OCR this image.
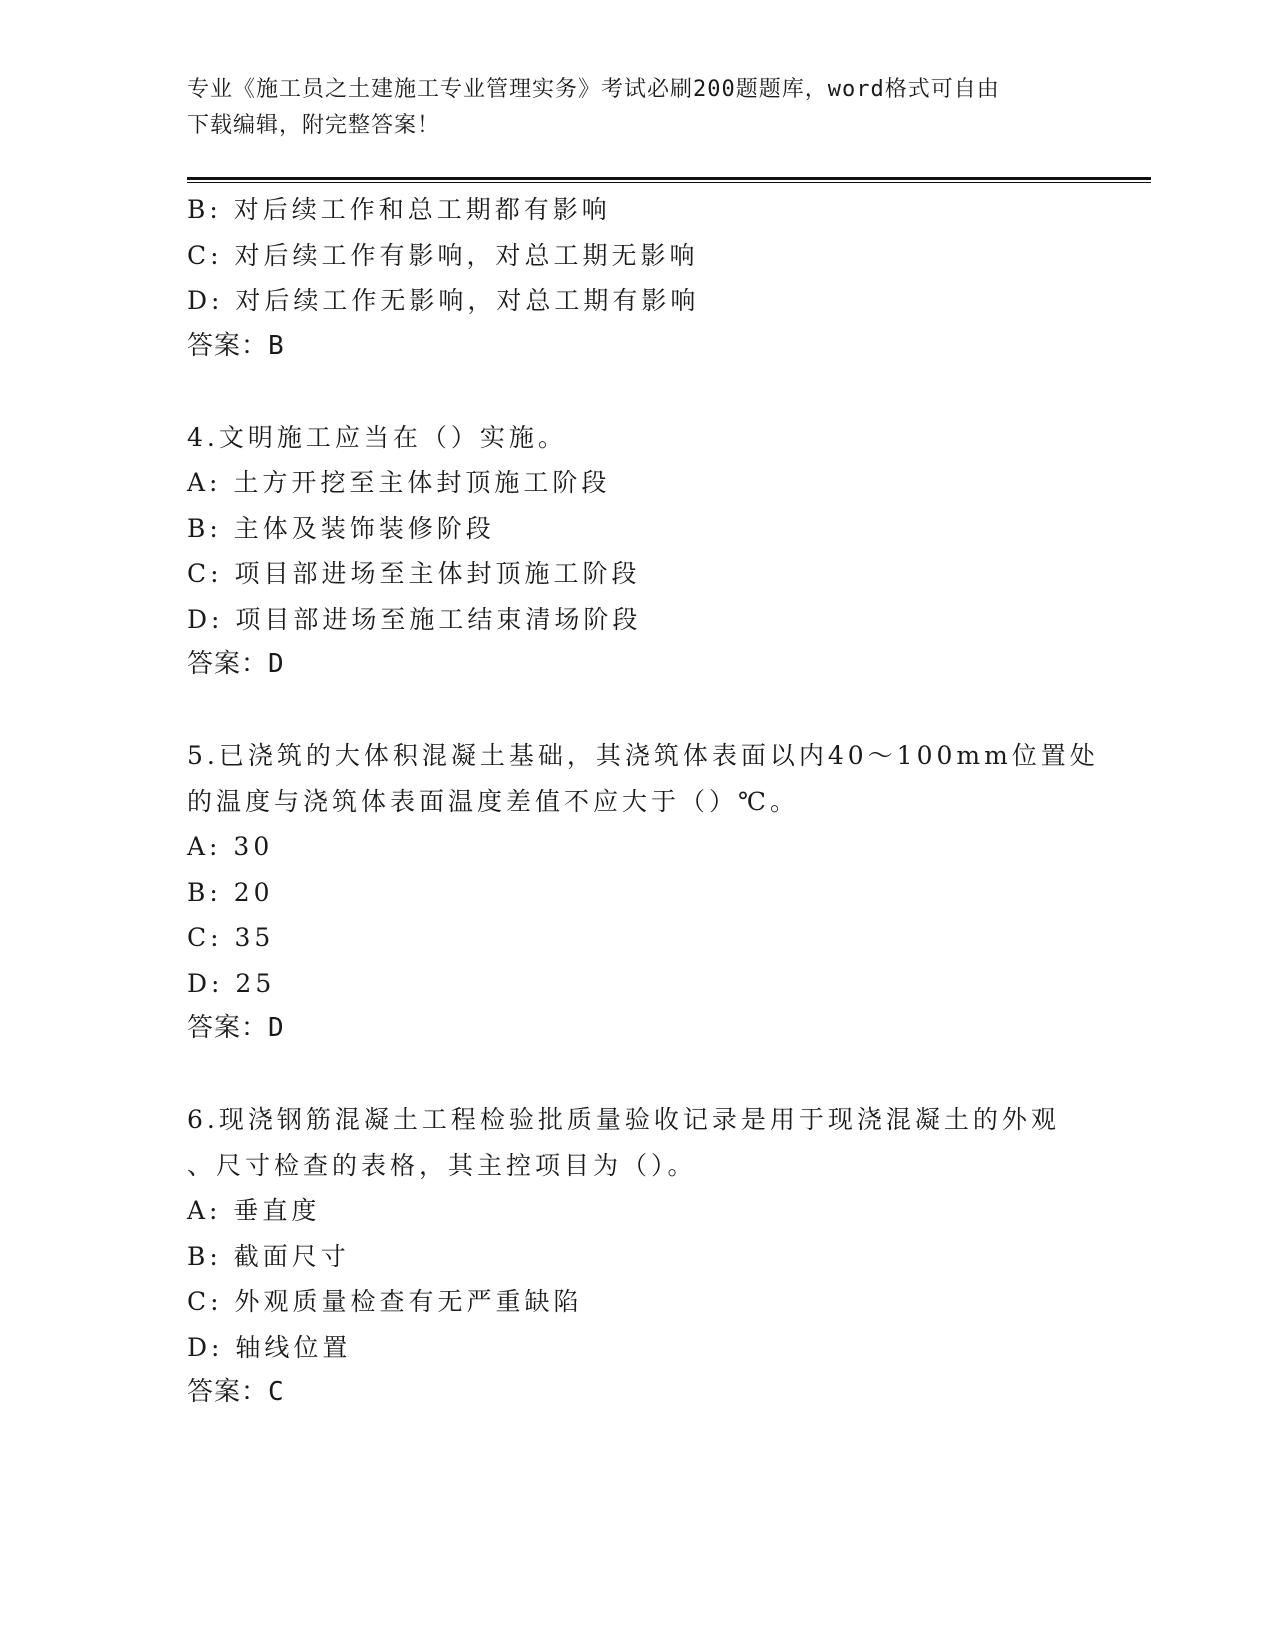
专业《施工员之土建施工专业管理实务》考试必刷200题题库，word格式可自由
下载编辑，附完整答案！
B: 对后续工作和总工期都有影响
C: 对后续工作有影响，对总工期无影响
D: 对后续工作无影响，对总工期有影响
答案：B
4.文明施工应当在（）实施。
A: 土方开挖至主体封顶施工阶段
B: 主体及装饰装修阶段
C: 项目部进场至主体封顶施工阶段
D: 项目部进场至施工结束清场阶段
答案：D
5.已浇筑的大体积混凝土基础，其浇筑体表面以内40～100mm位置处
的温度与浇筑体表面温度差值不应大于（）℃。
A: 30
B: 20
C: 35
D: 25
答案：D
6.现浇钢筋混凝土工程检验批质量验收记录是用于现浇混凝土的外观
、尺寸检查的表格，其主控项目为（）。
A: 垂直度
B: 截面尺寸
C: 外观质量检查有无严重缺陷
D: 轴线位置
答案：C
